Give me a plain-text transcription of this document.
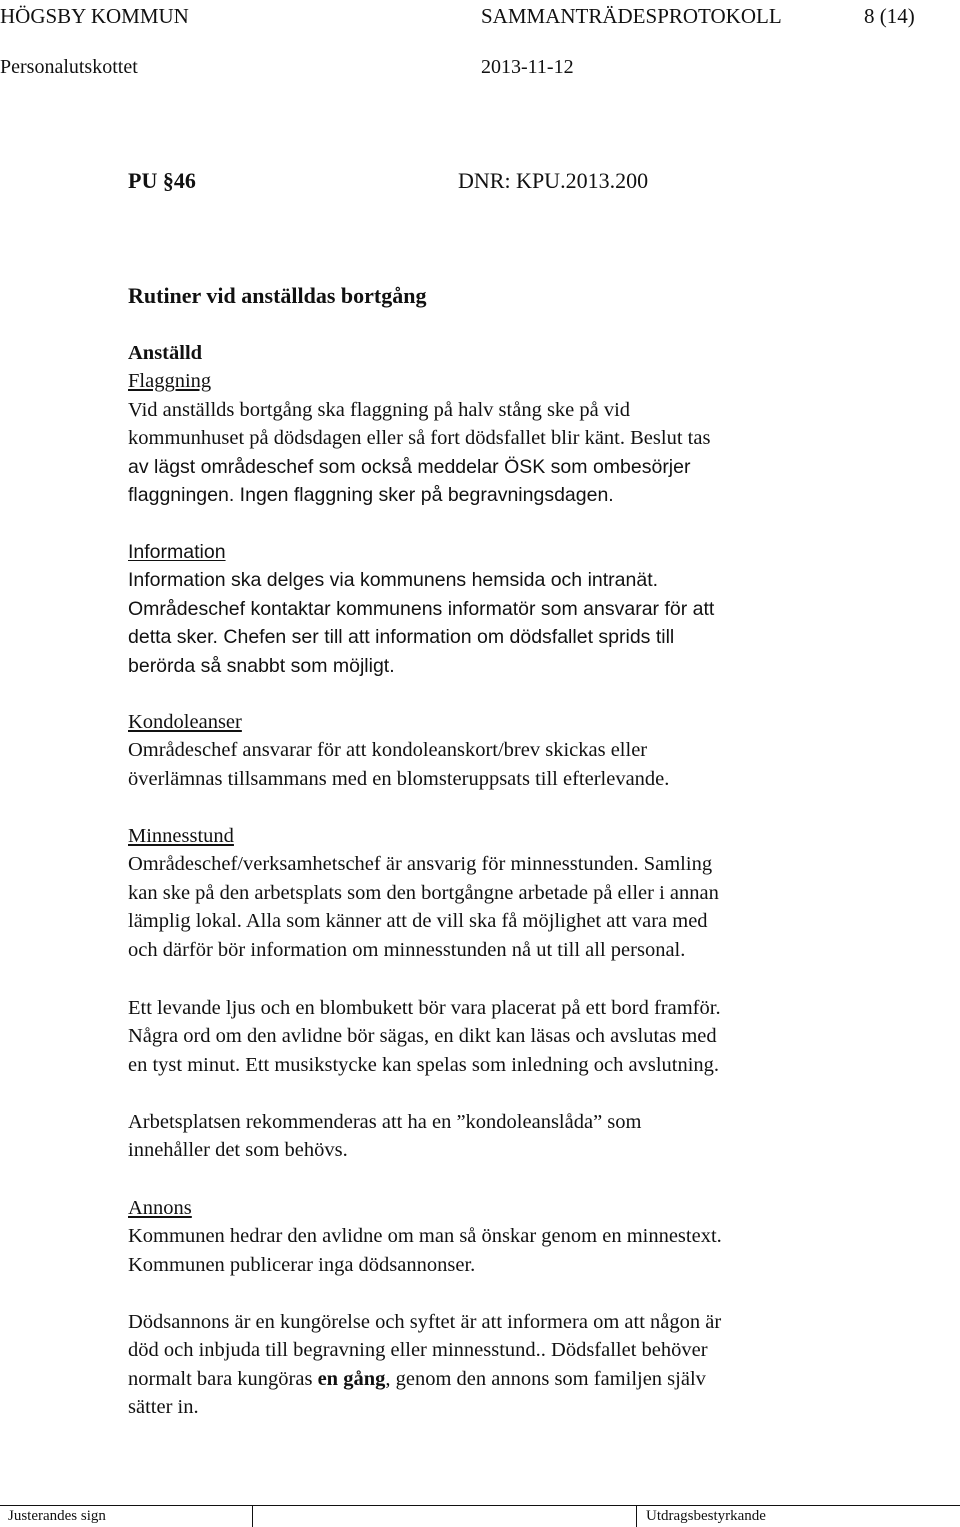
HÖGSBY KOMMUN	SAMMANTRÄDESPROTOKOLL	8 (14)
Personalutskottet	2013-11-12
PU §46	DNR: KPU.2013.200
Rutiner vid anställdas bortgång
Anställd
Flaggning
Vid anställds bortgång ska flaggning på halv stång ske på vid
kommunhuset på dödsdagen eller så fort dödsfallet blir känt. Beslut tas
av lägst områdeschef som också meddelar ÖSK som ombesörjer
flaggningen. Ingen flaggning sker på begravningsdagen.
Information
Information ska delges via kommunens hemsida och intranät.
Områdeschef kontaktar kommunens informatör som ansvarar för att
detta sker. Chefen ser till att information om dödsfallet sprids till
berörda så snabbt som möjligt.
Kondoleanser
Områdeschef ansvarar för att kondoleanskort/brev skickas eller
överlämnas tillsammans med en blomsteruppsats till efterlevande.
Minnesstund
Områdeschef/verksamhetschef är ansvarig för minnesstunden. Samling
kan ske på den arbetsplats som den bortgångne arbetade på eller i annan
lämplig lokal. Alla som känner att de vill ska få möjlighet att vara med
och därför bör information om minnesstunden nå ut till all personal.
Ett levande ljus och en blombukett bör vara placerat på ett bord framför.
Några ord om den avlidne bör sägas, en dikt kan läsas och avslutas med
en tyst minut. Ett musikstycke kan spelas som inledning och avslutning.
Arbetsplatsen rekommenderas att ha en ”kondoleanslåda” som
innehåller det som behövs.
Annons
Kommunen hedrar den avlidne om man så önskar genom en minnestext.
Kommunen publicerar inga dödsannonser.
Dödsannons är en kungörelse och syftet är att informera om att någon är
död och inbjuda till begravning eller minnesstund.. Dödsfallet behöver
normalt bara kungöras en gång, genom den annons som familjen själv
sätter in.
Justerandes sign	Utdragsbestyrkande
